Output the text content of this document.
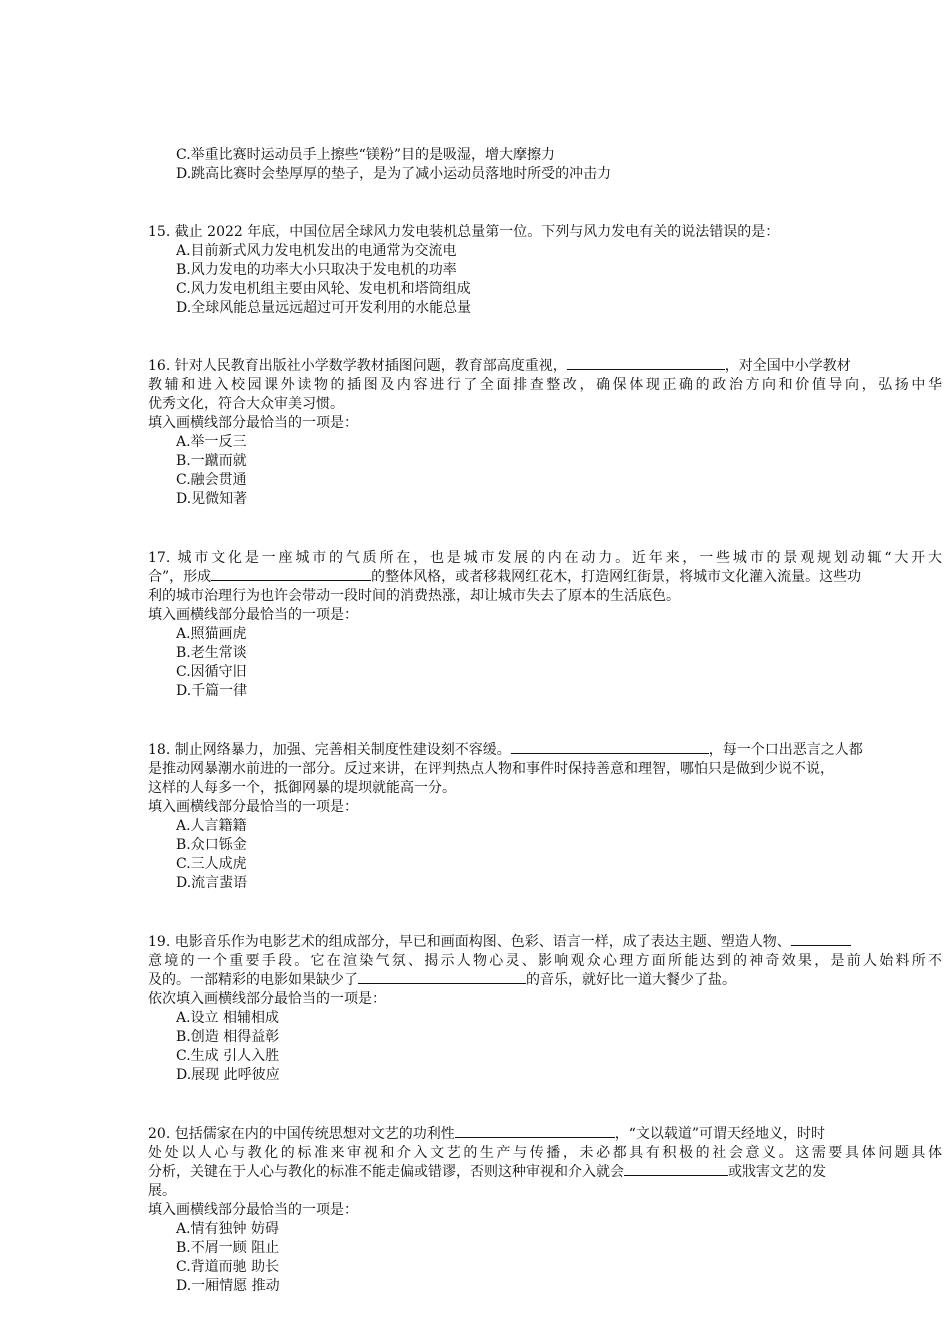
C.举重比赛时运动员手上擦些“镁粉”目的是吸湿，增大摩擦力
D.跳高比赛时会垫厚厚的垫子，是为了减小运动员落地时所受的冲击力
15. 截止 2022 年底，中国位居全球风力发电装机总量第一位。下列与风力发电有关的说法错误的是：
A.目前新式风力发电机发出的电通常为交流电
B.风力发电的功率大小只取决于发电机的功率
C.风力发电机组主要由风轮、发电机和塔筒组成
D.全球风能总量远远超过可开发利用的水能总量
16. 针对人民教育出版社小学数学教材插图问题，教育部高度重视，	，对全国中小学教材
教辅和进入校园课外读物的插图及内容进行了全面排查整改，确保体现正确的政治方向和价值导向，弘扬中华
优秀文化，符合大众审美习惯。
填入画横线部分最恰当的一项是：
A.举一反三
B.一蹴而就
C.融会贯通
D.见微知著
17. 城市文化是一座城市的气质所在，也是城市发展的内在动力。近年来，一些城市的景观规划动辄“大开大
合”，形成	的整体风格，或者移栽网红花木，打造网红街景，将城市文化灌入流量。这些功
利的城市治理行为也许会带动一段时间的消费热涨，却让城市失去了原本的生活底色。
填入画横线部分最恰当的一项是：
A.照猫画虎
B.老生常谈
C.因循守旧
D.千篇一律
18. 制止网络暴力，加强、完善相关制度性建设刻不容缓。	，每一个口出恶言之人都
是推动网暴潮水前进的一部分。反过来讲，在评判热点人物和事件时保持善意和理智，哪怕只是做到少说不说，
这样的人每多一个，抵御网暴的堤坝就能高一分。
填入画横线部分最恰当的一项是：
A.人言籍籍
B.众口铄金
C.三人成虎
D.流言蜚语
19. 电影音乐作为电影艺术的组成部分，早已和画面构图、色彩、语言一样，成了表达主题、塑造人物、
意境的一个重要手段。它在渲染气氛、揭示人物心灵、影响观众心理方面所能达到的神奇效果，是前人始料所不
及的。一部精彩的电影如果缺少了	的音乐，就好比一道大餐少了盐。
依次填入画横线部分最恰当的一项是：
A.设立 相辅相成
B.创造 相得益彰
C.生成 引人入胜
D.展现 此呼彼应
20. 包括儒家在内的中国传统思想对文艺的功利性	，“文以载道”可谓天经地义，时时
处处以人心与教化的标准来审视和介入文艺的生产与传播，未必都具有积极的社会意义。这需要具体问题具体
分析，关键在于人心与教化的标准不能走偏或错谬，否则这种审视和介入就会	或戕害文艺的发
展。
填入画横线部分最恰当的一项是：
A.情有独钟 妨碍
B.不屑一顾 阻止
C.背道而驰 助长
D.一厢情愿 推动
